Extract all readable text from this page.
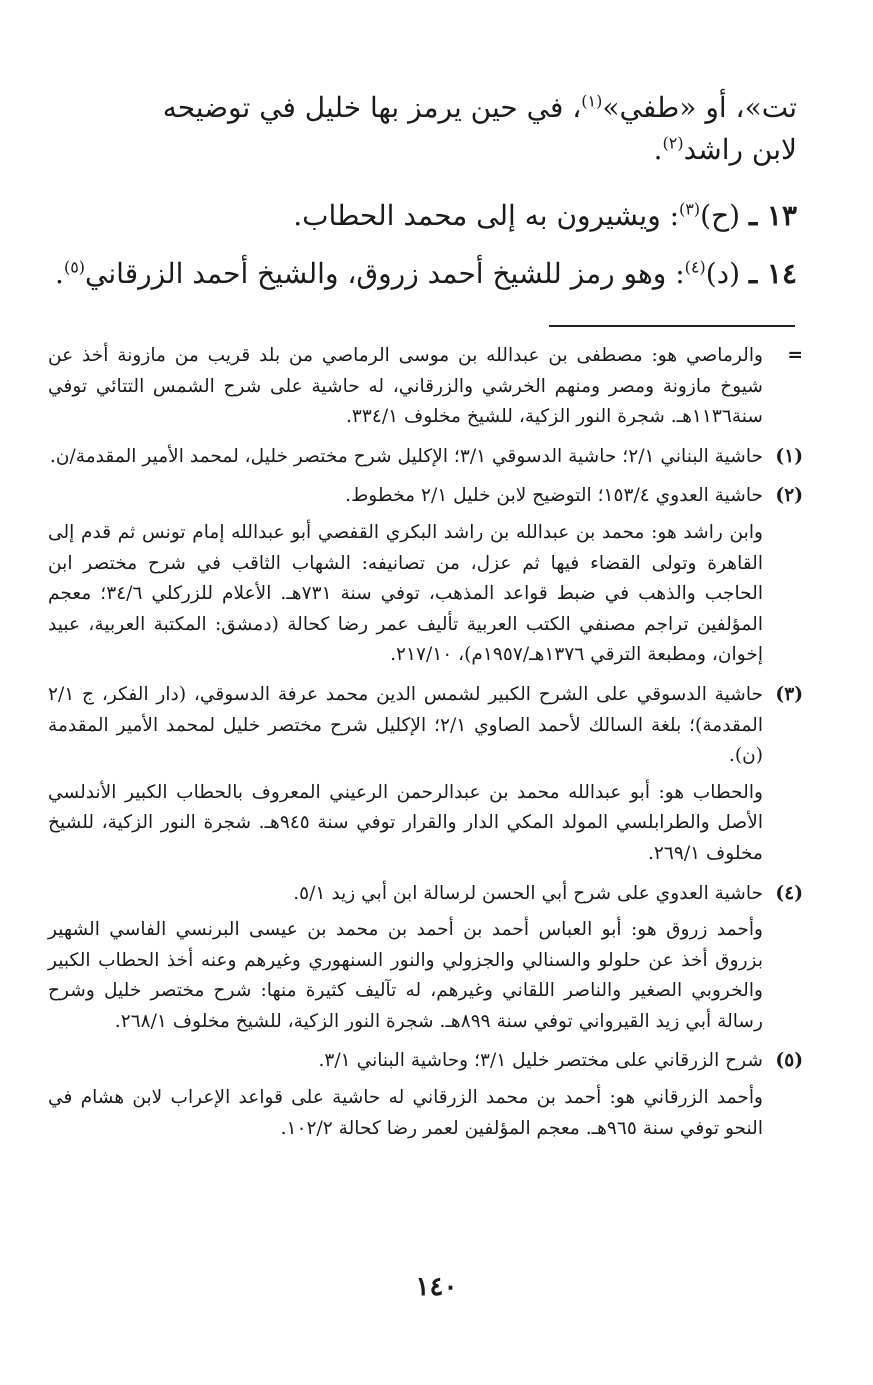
تت»، أو «طفي»$^{(١)}$، في حين يرمز بها خليل في توضيحه

لابن راشد$^{(٢)}$.

١٣ ـ (ح)$^{(٣)}$: ويشيرون به إلى محمد الحطاب.

١٤ ـ (د)$^{(٤)}$: وهو رمز للشيخ أحمد زروق، والشيخ أحمد الزرقاني$^{(٥)}$.

=

والرماصي هو: مصطفى بن عبدالله بن موسى الرماصي من بلد قريب من مازونة أخذ عن شيوخ مازونة ومصر ومنهم الخرشي والزرقاني، له حاشية على شرح الشمس التتائي توفي سنة١١٣٦هـ. شجرة النور الزكية، للشيخ مخلوف ٣٣٤/١.

(١)

حاشية البناني ٢/١؛ حاشية الدسوقي ٣/١؛ الإكليل شرح مختصر خليل، لمحمد الأمير المقدمة/ن.

(٢)

حاشية العدوي ١٥٣/٤؛ التوضيح لابن خليل ٢/١ مخطوط.

وابن راشد هو: محمد بن عبدالله بن راشد البكري القفصي أبو عبدالله إمام تونس ثم قدم إلى القاهرة وتولى القضاء فيها ثم عزل، من تصانيفه: الشهاب الثاقب في شرح مختصر ابن الحاجب والذهب في ضبط قواعد المذهب، توفي سنة ٧٣١هـ. الأعلام للزركلي ٣٤/٦؛ معجم المؤلفين تراجم مصنفي الكتب العربية تأليف عمر رضا كحالة (دمشق: المكتبة العربية، عبيد إخوان، ومطبعة الترقي ١٣٧٦هـ/١٩٥٧م)، ٢١٧/١٠.

(٣)

حاشية الدسوقي على الشرح الكبير لشمس الدين محمد عرفة الدسوقي، (دار الفكر، ج ٢/١ المقدمة)؛ بلغة السالك لأحمد الصاوي ٢/١؛ الإكليل شرح مختصر خليل لمحمد الأمير المقدمة (ن).

والحطاب هو: أبو عبدالله محمد بن عبدالرحمن الرعيني المعروف بالحطاب الكبير الأندلسي الأصل والطرابلسي المولد المكي الدار والقرار توفي سنة ٩٤٥هـ. شجرة النور الزكية، للشيخ مخلوف ٢٦٩/١.

(٤)

حاشية العدوي على شرح أبي الحسن لرسالة ابن أبي زيد ٥/١.

وأحمد زروق هو: أبو العباس أحمد بن أحمد بن محمد بن عيسى البرنسي الفاسي الشهير بزروق أخذ عن حلولو والسنالي والجزولي والنور السنهوري وغيرهم وعنه أخذ الحطاب الكبير والخروبي الصغير والناصر اللقاني وغيرهم، له تآليف كثيرة منها: شرح مختصر خليل وشرح رسالة أبي زيد القيرواني توفي سنة ٨٩٩هـ. شجرة النور الزكية، للشيخ مخلوف ٢٦٨/١.

(٥)

شرح الزرقاني على مختصر خليل ٣/١؛ وحاشية البناني ٣/١.

وأحمد الزرقاني هو: أحمد بن محمد الزرقاني له حاشية على قواعد الإعراب لابن هشام في النحو توفي سنة ٩٦٥هـ. معجم المؤلفين لعمر رضا كحالة ١٠٢/٢.

١٤٠
